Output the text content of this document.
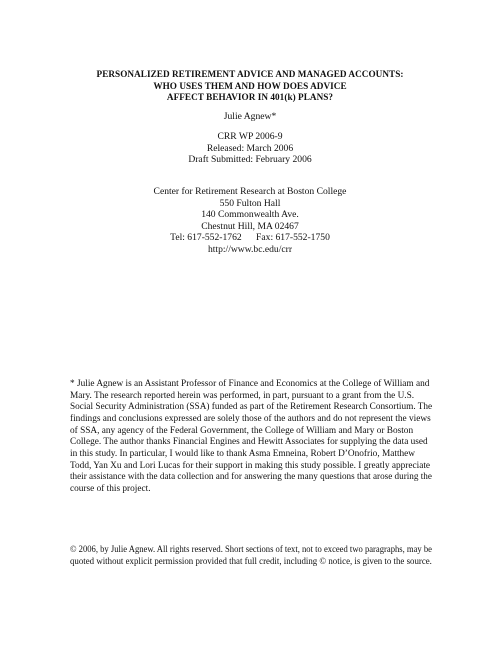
PERSONALIZED RETIREMENT ADVICE AND MANAGED ACCOUNTS:
WHO USES THEM AND HOW DOES ADVICE
AFFECT BEHAVIOR IN 401(k) PLANS?
Julie Agnew*
CRR WP 2006-9
Released: March 2006
Draft Submitted: February 2006
Center for Retirement Research at Boston College
550 Fulton Hall
140 Commonwealth Ave.
Chestnut Hill, MA 02467
Tel: 617-552-1762      Fax: 617-552-1750
http://www.bc.edu/crr
* Julie Agnew is an Assistant Professor of Finance and Economics at the College of William and
Mary. The research reported herein was performed, in part, pursuant to a grant from the U.S.
Social Security Administration (SSA) funded as part of the Retirement Research Consortium. The
findings and conclusions expressed are solely those of the authors and do not represent the views
of SSA, any agency of the Federal Government, the College of William and Mary or Boston
College. The author thanks Financial Engines and Hewitt Associates for supplying the data used
in this study. In particular, I would like to thank Asma Emneina, Robert D’Onofrio, Matthew
Todd, Yan Xu and Lori Lucas for their support in making this study possible. I greatly appreciate
their assistance with the data collection and for answering the many questions that arose during the
course of this project.
© 2006, by Julie Agnew. All rights reserved. Short sections of text, not to exceed two paragraphs, may be
quoted without explicit permission provided that full credit, including © notice, is given to the source.
